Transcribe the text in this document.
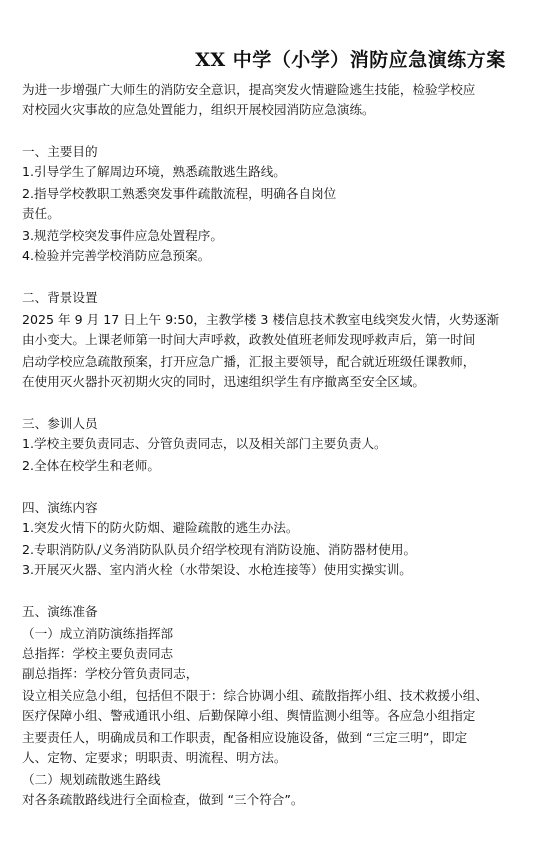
XX 中学（小学）消防应急演练方案
为进一步增强广大师生的消防安全意识，提高突发火情避险逃生技能，检验学校应
对校园火灾事故的应急处置能力，组织开展校园消防应急演练。
一、主要目的
1.引导学生了解周边环境，熟悉疏散逃生路线。
2.指导学校教职工熟悉突发事件疏散流程，明确各自岗位
责任。
3.规范学校突发事件应急处置程序。
4.检验并完善学校消防应急预案。
二、背景设置
2025 年 9 月 17 日上午 9:50，主教学楼 3 楼信息技术教室电线突发火情，火势逐渐
由小变大。上课老师第一时间大声呼救，政教处值班老师发现呼救声后，第一时间
启动学校应急疏散预案，打开应急广播，汇报主要领导，配合就近班级任课教师，
在使用灭火器扑灭初期火灾的同时，迅速组织学生有序撤离至安全区域。
三、参训人员
1.学校主要负责同志、分管负责同志，以及相关部门主要负责人。
2.全体在校学生和老师。
四、演练内容
1.突发火情下的防火防烟、避险疏散的逃生办法。
2.专职消防队/义务消防队队员介绍学校现有消防设施、消防器材使用。
3.开展灭火器、室内消火栓（水带架设、水枪连接等）使用实操实训。
五、演练准备
（一）成立消防演练指挥部
总指挥：学校主要负责同志
副总指挥：学校分管负责同志，
设立相关应急小组，包括但不限于：综合协调小组、疏散指挥小组、技术救援小组、
医疗保障小组、警戒通讯小组、后勤保障小组、舆情监测小组等。各应急小组指定
主要责任人，明确成员和工作职责，配备相应设施设备，做到 “三定三明”，即定
人、定物、定要求；明职责、明流程、明方法。
（二）规划疏散逃生路线
对各条疏散路线进行全面检查，做到 “三个符合”。
